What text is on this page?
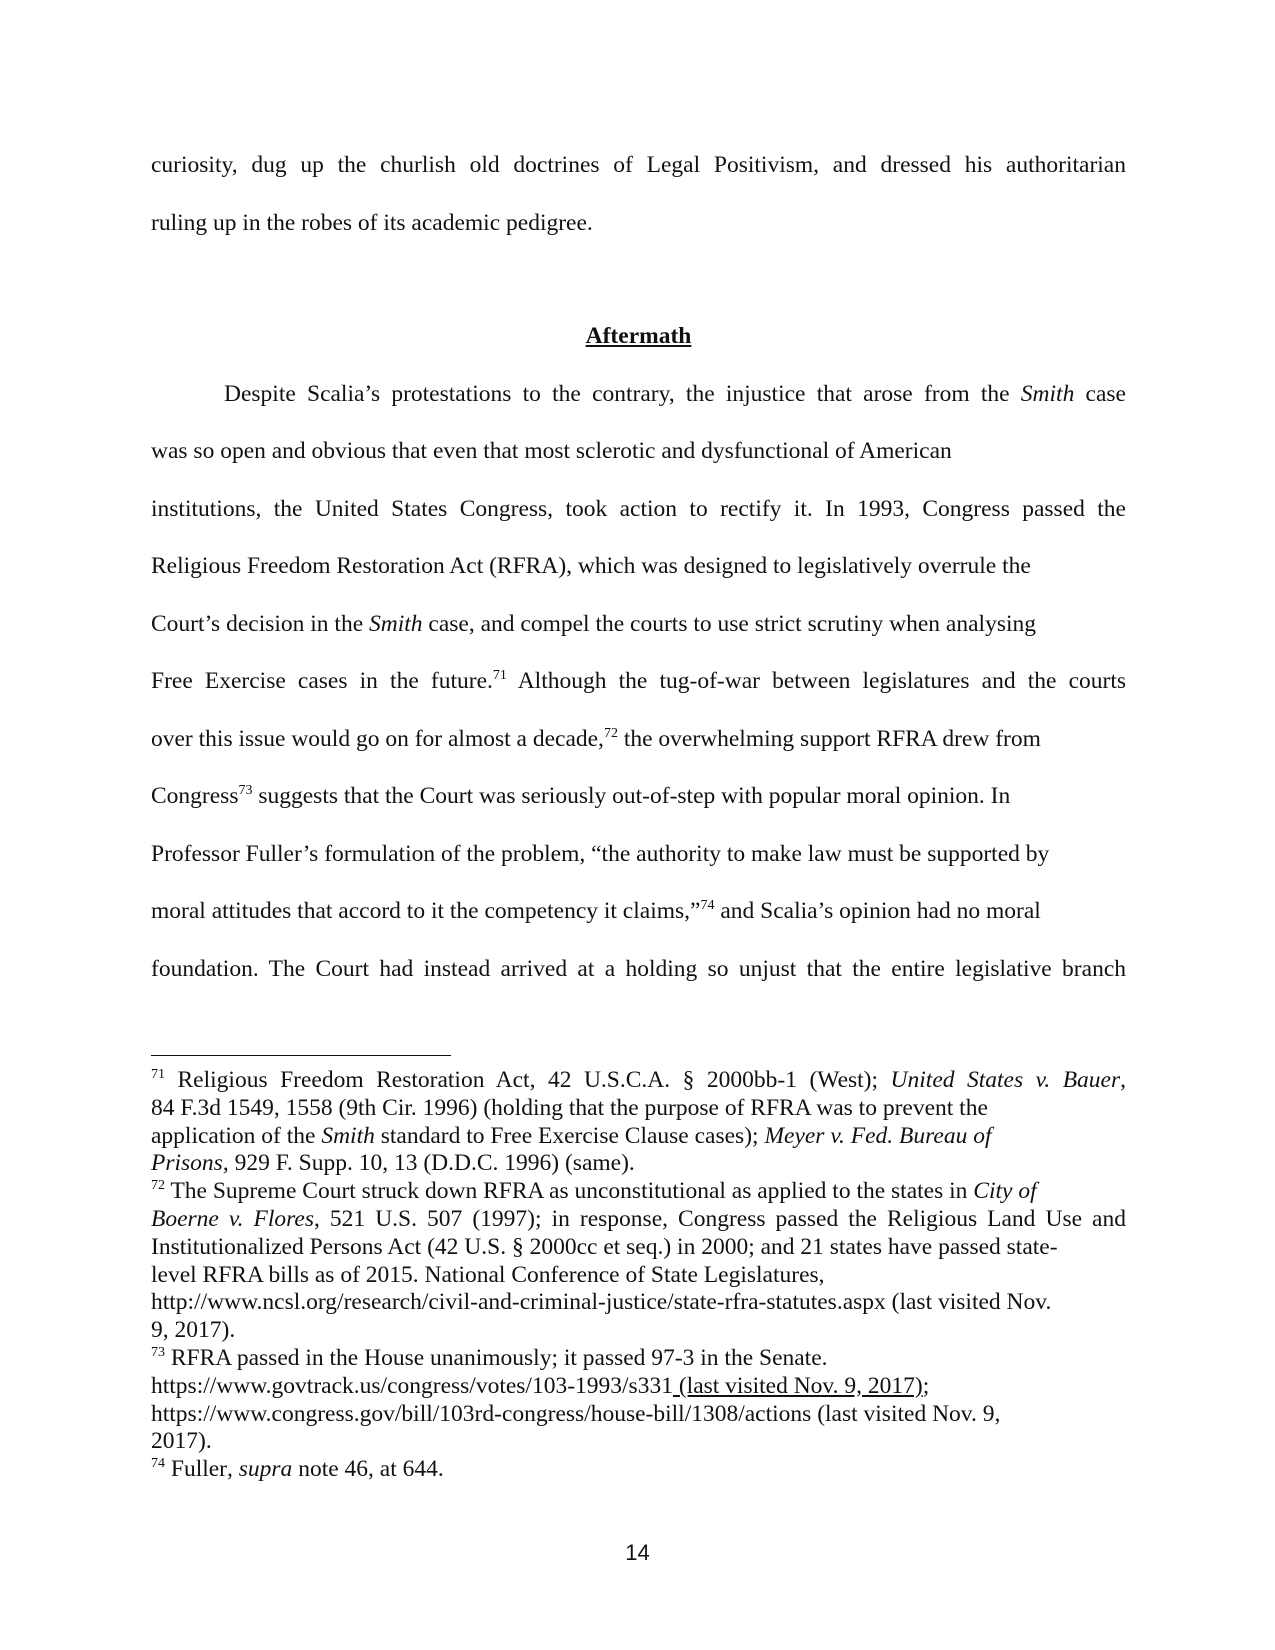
curiosity, dug up the churlish old doctrines of Legal Positivism, and dressed his authoritarian
ruling up in the robes of its academic pedigree.
Aftermath
Despite Scalia’s protestations to the contrary, the injustice that arose from the Smith case
was so open and obvious that even that most sclerotic and dysfunctional of American
institutions, the United States Congress, took action to rectify it. In 1993, Congress passed the
Religious Freedom Restoration Act (RFRA), which was designed to legislatively overrule the
Court’s decision in the Smith case, and compel the courts to use strict scrutiny when analysing
Free Exercise cases in the future.$^{71}$ Although the tug-of-war between legislatures and the courts
over this issue would go on for almost a decade,$^{72}$ the overwhelming support RFRA drew from
Congress$^{73}$ suggests that the Court was seriously out-of-step with popular moral opinion. In
Professor Fuller’s formulation of the problem, “the authority to make law must be supported by
moral attitudes that accord to it the competency it claims,”$^{74}$ and Scalia’s opinion had no moral
foundation. The Court had instead arrived at a holding so unjust that the entire legislative branch
$^{71}$ Religious Freedom Restoration Act, 42 U.S.C.A. § 2000bb-1 (West); United States v. Bauer,
84 F.3d 1549, 1558 (9th Cir. 1996) (holding that the purpose of RFRA was to prevent the
application of the Smith standard to Free Exercise Clause cases); Meyer v. Fed. Bureau of
Prisons, 929 F. Supp. 10, 13 (D.D.C. 1996) (same).
$^{72}$ The Supreme Court struck down RFRA as unconstitutional as applied to the states in City of
Boerne v. Flores, 521 U.S. 507 (1997); in response, Congress passed the Religious Land Use and
Institutionalized Persons Act (42 U.S. § 2000cc et seq.) in 2000; and 21 states have passed state-
level RFRA bills as of 2015. National Conference of State Legislatures,
http://www.ncsl.org/research/civil-and-criminal-justice/state-rfra-statutes.aspx (last visited Nov.
9, 2017).
$^{73}$ RFRA passed in the House unanimously; it passed 97-3 in the Senate.
https://www.govtrack.us/congress/votes/103-1993/s331 (last visited Nov. 9, 2017);
https://www.congress.gov/bill/103rd-congress/house-bill/1308/actions (last visited Nov. 9,
2017).
$^{74}$ Fuller, supra note 46, at 644.
14
